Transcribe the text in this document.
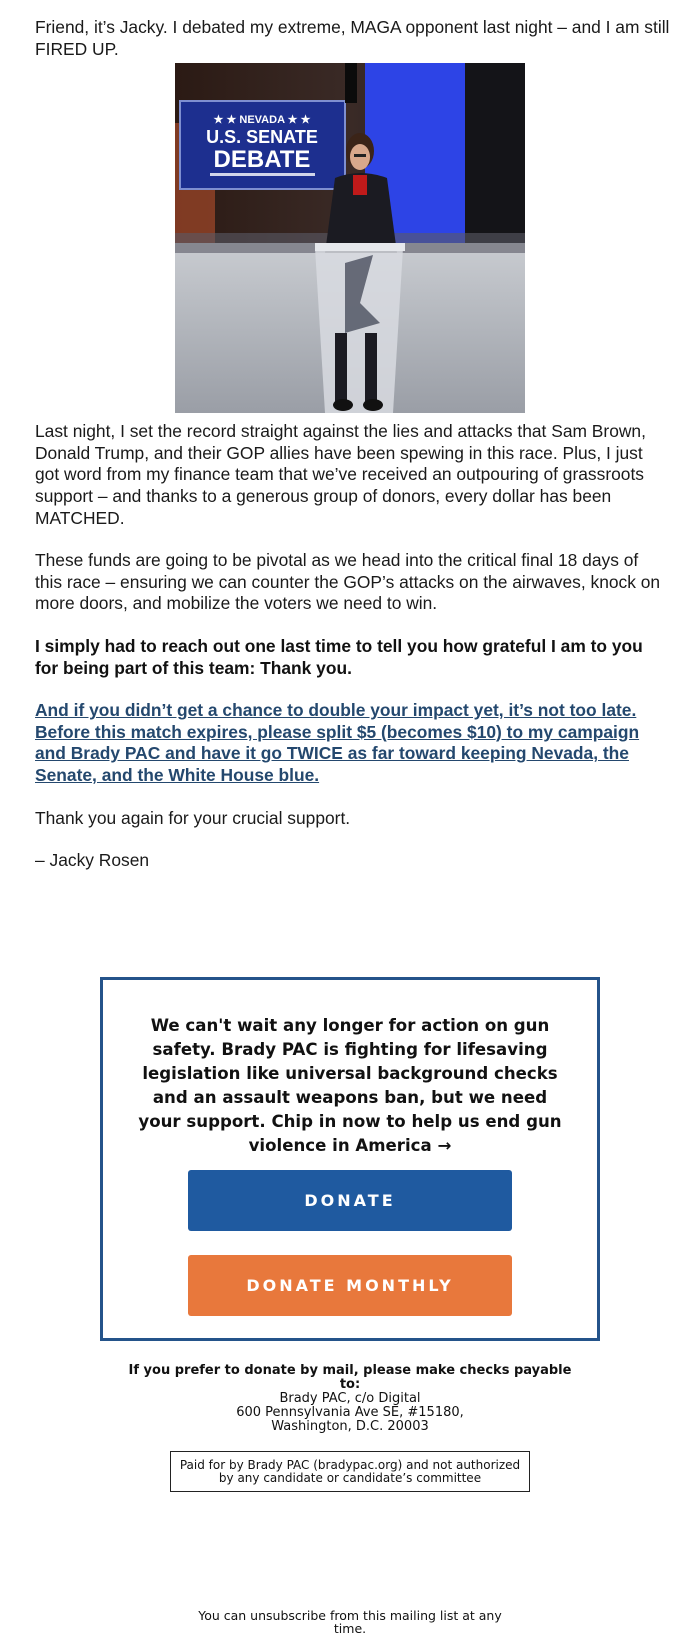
Friend, it’s Jacky. I debated my extreme, MAGA opponent last night – and I am still FIRED UP.

★ ★ NEVADA ★ ★
U.S. SENATE
DEBATE

Last night, I set the record straight against the lies and attacks that Sam Brown, Donald Trump, and their GOP allies have been spewing in this race. Plus, I just got word from my finance team that we’ve received an outpouring of grassroots support – and thanks to a generous group of donors, every dollar has been MATCHED.

These funds are going to be pivotal as we head into the critical final 18 days of this race – ensuring we can counter the GOP’s attacks on the airwaves, knock on more doors, and mobilize the voters we need to win.

I simply had to reach out one last time to tell you how grateful I am to you for being part of this team: Thank you.

And if you didn’t get a chance to double your impact yet, it’s not too late. Before this match expires, please split $5 (becomes $10) to my campaign and Brady PAC and have it go TWICE as far toward keeping Nevada, the Senate, and the White House blue.

Thank you again for your crucial support.

– Jacky Rosen

We can't wait any longer for action on gun safety. Brady PAC is fighting for lifesaving legislation like universal background checks and an assault weapons ban, but we need your support. Chip in now to help us end gun violence in America →
DONATE
DONATE MONTHLY
If you prefer to donate by mail, please make checks payable to:
Brady PAC, c/o Digital
600 Pennsylvania Ave SE, #15180,
Washington, D.C. 20003
Paid for by Brady PAC (bradypac.org) and not authorized by any candidate or candidate’s committee
You can unsubscribe from this mailing list at any time.
